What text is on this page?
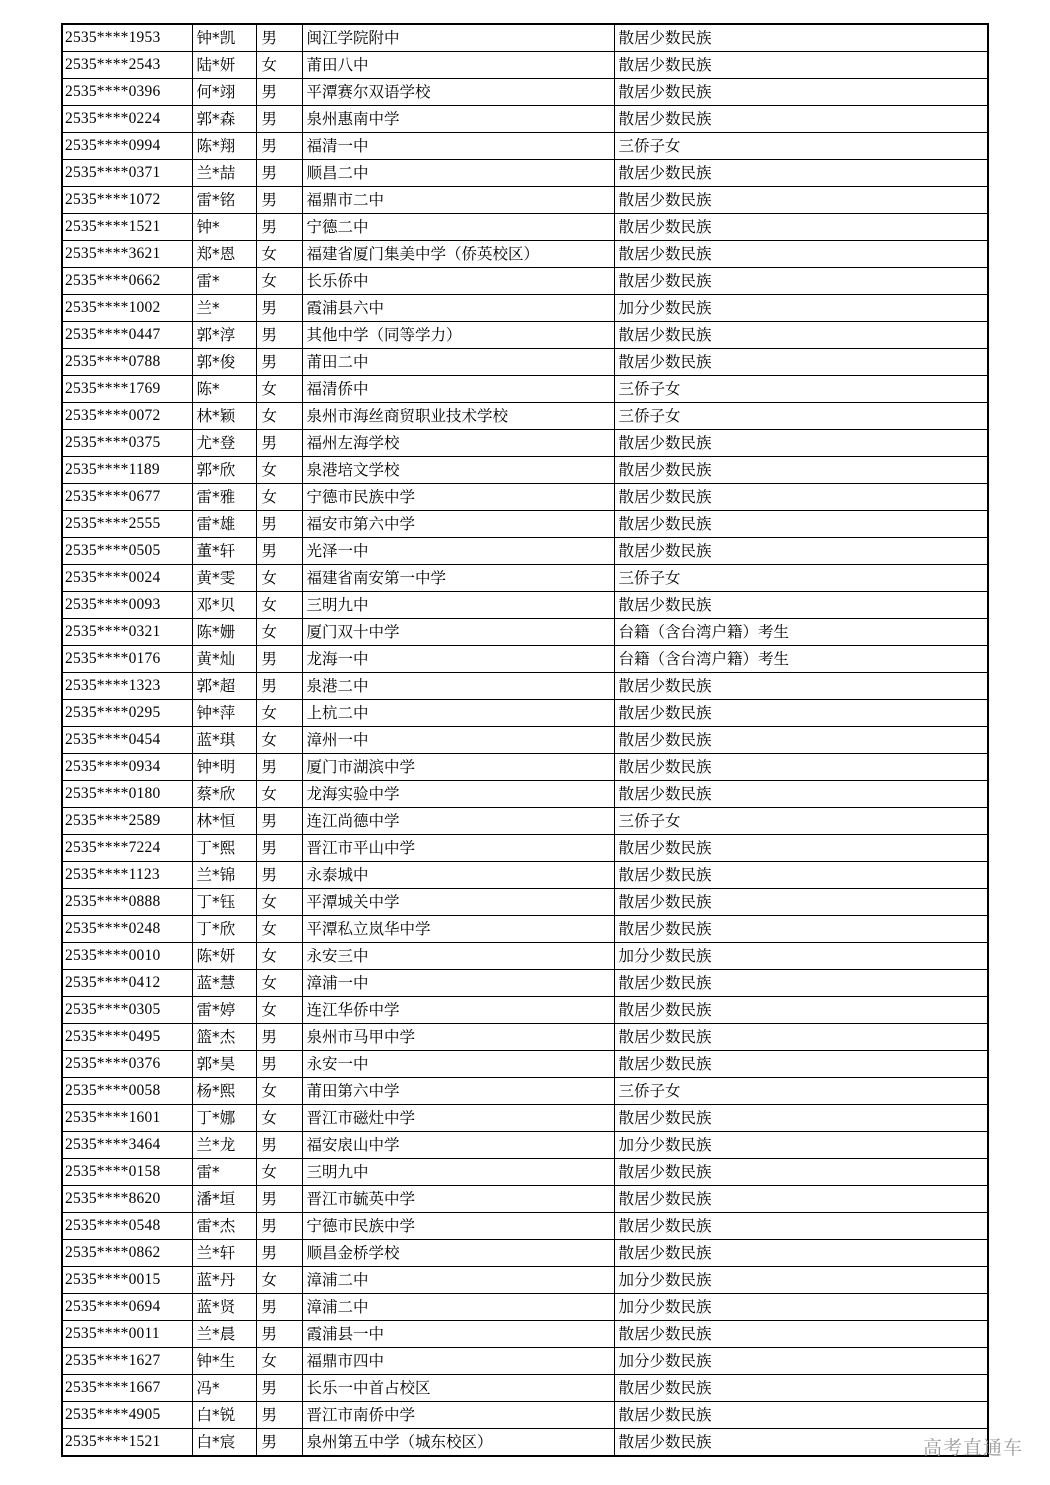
2535****1953	钟*凯	男	闽江学院附中	散居少数民族
2535****2543	陆*妍	女	莆田八中	散居少数民族
2535****0396	何*翊	男	平潭赛尔双语学校	散居少数民族
2535****0224	郭*森	男	泉州惠南中学	散居少数民族
2535****0994	陈*翔	男	福清一中	三侨子女
2535****0371	兰*喆	男	顺昌二中	散居少数民族
2535****1072	雷*铭	男	福鼎市二中	散居少数民族
2535****1521	钟*	男	宁德二中	散居少数民族
2535****3621	郑*恩	女	福建省厦门集美中学（侨英校区）	散居少数民族
2535****0662	雷*	女	长乐侨中	散居少数民族
2535****1002	兰*	男	霞浦县六中	加分少数民族
2535****0447	郭*淳	男	其他中学（同等学力）	散居少数民族
2535****0788	郭*俊	男	莆田二中	散居少数民族
2535****1769	陈*	女	福清侨中	三侨子女
2535****0072	林*颖	女	泉州市海丝商贸职业技术学校	三侨子女
2535****0375	尤*登	男	福州左海学校	散居少数民族
2535****1189	郭*欣	女	泉港培文学校	散居少数民族
2535****0677	雷*雅	女	宁德市民族中学	散居少数民族
2535****2555	雷*雄	男	福安市第六中学	散居少数民族
2535****0505	董*轩	男	光泽一中	散居少数民族
2535****0024	黄*雯	女	福建省南安第一中学	三侨子女
2535****0093	邓*贝	女	三明九中	散居少数民族
2535****0321	陈*姗	女	厦门双十中学	台籍（含台湾户籍）考生
2535****0176	黄*灿	男	龙海一中	台籍（含台湾户籍）考生
2535****1323	郭*超	男	泉港二中	散居少数民族
2535****0295	钟*萍	女	上杭二中	散居少数民族
2535****0454	蓝*琪	女	漳州一中	散居少数民族
2535****0934	钟*明	男	厦门市湖滨中学	散居少数民族
2535****0180	蔡*欣	女	龙海实验中学	散居少数民族
2535****2589	林*恒	男	连江尚德中学	三侨子女
2535****7224	丁*熙	男	晋江市平山中学	散居少数民族
2535****1123	兰*锦	男	永泰城中	散居少数民族
2535****0888	丁*钰	女	平潭城关中学	散居少数民族
2535****0248	丁*欣	女	平潭私立岚华中学	散居少数民族
2535****0010	陈*妍	女	永安三中	加分少数民族
2535****0412	蓝*慧	女	漳浦一中	散居少数民族
2535****0305	雷*婷	女	连江华侨中学	散居少数民族
2535****0495	篮*杰	男	泉州市马甲中学	散居少数民族
2535****0376	郭*昊	男	永安一中	散居少数民族
2535****0058	杨*熙	女	莆田第六中学	三侨子女
2535****1601	丁*娜	女	晋江市磁灶中学	散居少数民族
2535****3464	兰*龙	男	福安扆山中学	加分少数民族
2535****0158	雷*	女	三明九中	散居少数民族
2535****8620	潘*垣	男	晋江市毓英中学	散居少数民族
2535****0548	雷*杰	男	宁德市民族中学	散居少数民族
2535****0862	兰*轩	男	顺昌金桥学校	散居少数民族
2535****0015	蓝*丹	女	漳浦二中	加分少数民族
2535****0694	蓝*贤	男	漳浦二中	加分少数民族
2535****0011	兰*晨	男	霞浦县一中	散居少数民族
2535****1627	钟*生	女	福鼎市四中	加分少数民族
2535****1667	冯*	男	长乐一中首占校区	散居少数民族
2535****4905	白*锐	男	晋江市南侨中学	散居少数民族
2535****1521	白*宸	男	泉州第五中学（城东校区）	散居少数民族	高考直通车
